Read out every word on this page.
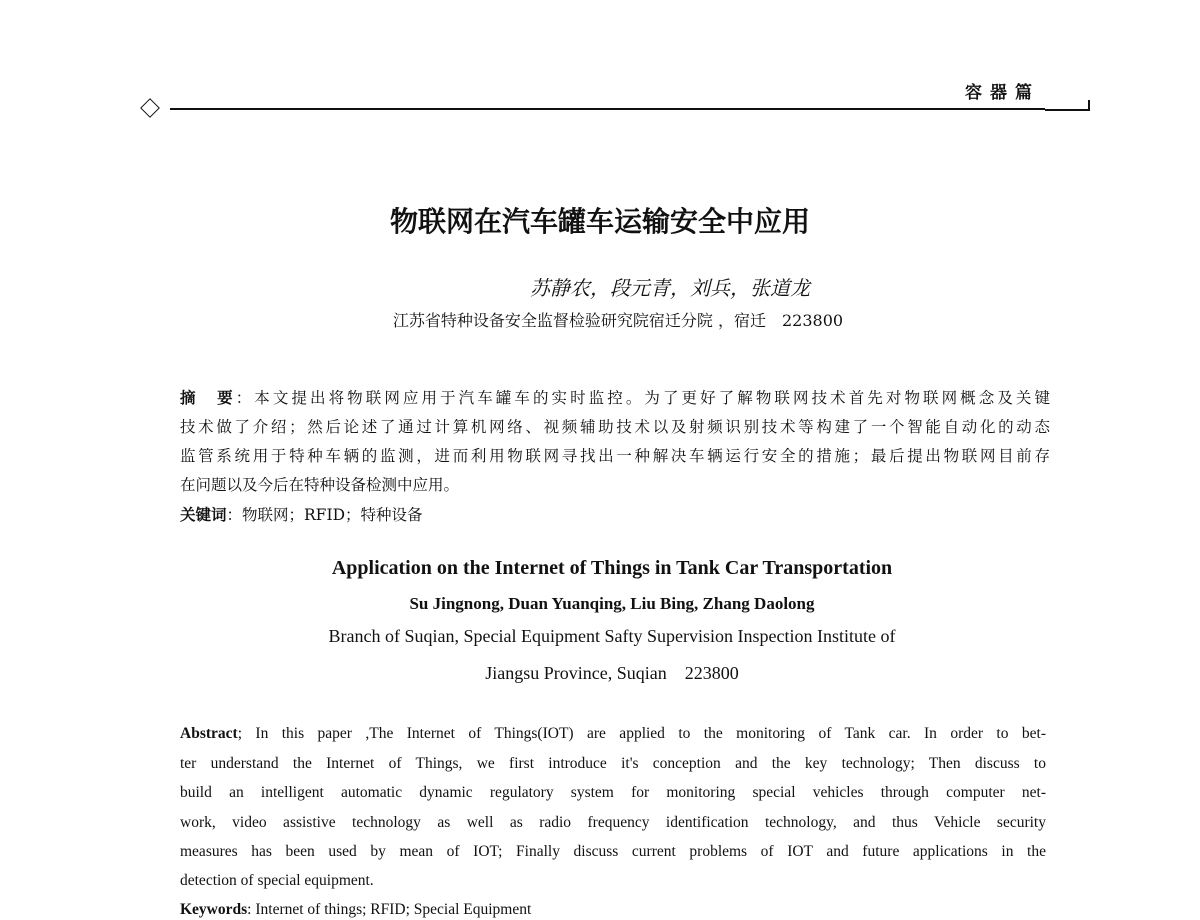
容器篇
物联网在汽车罐车运输安全中应用
苏静农，段元青，刘兵，张道龙
江苏省特种设备安全监督检验研究院宿迁分院 ，宿迁　223800
摘　要：本文提出将物联网应用于汽车罐车的实时监控。为了更好了解物联网技术首先对物联网概念及关键
技术做了介绍；然后论述了通过计算机网络、视频辅助技术以及射频识别技术等构建了一个智能自动化的动态
监管系统用于特种车辆的监测，进而利用物联网寻找出一种解决车辆运行安全的措施；最后提出物联网目前存
在问题以及今后在特种设备检测中应用。
关键词：物联网；RFID；特种设备
Application on the Internet of Things in Tank Car Transportation
Su Jingnong, Duan Yuanqing, Liu Bing, Zhang Daolong
Branch of Suqian, Special Equipment Safty Supervision Inspection Institute of
Jiangsu Province, Suqian　223800
Abstract; In this paper ,The Internet of Things(IOT) are applied to the monitoring of Tank car. In order to bet-
ter understand the Internet of Things, we first introduce it's conception and the key technology; Then discuss to
build an intelligent automatic dynamic regulatory system for monitoring special vehicles through computer net-
work, video assistive technology as well as radio frequency identification technology, and thus Vehicle security
measures has been used by mean of IOT; Finally discuss current problems of IOT and future applications in the
detection of special equipment.
Keywords: Internet of things; RFID; Special Equipment
